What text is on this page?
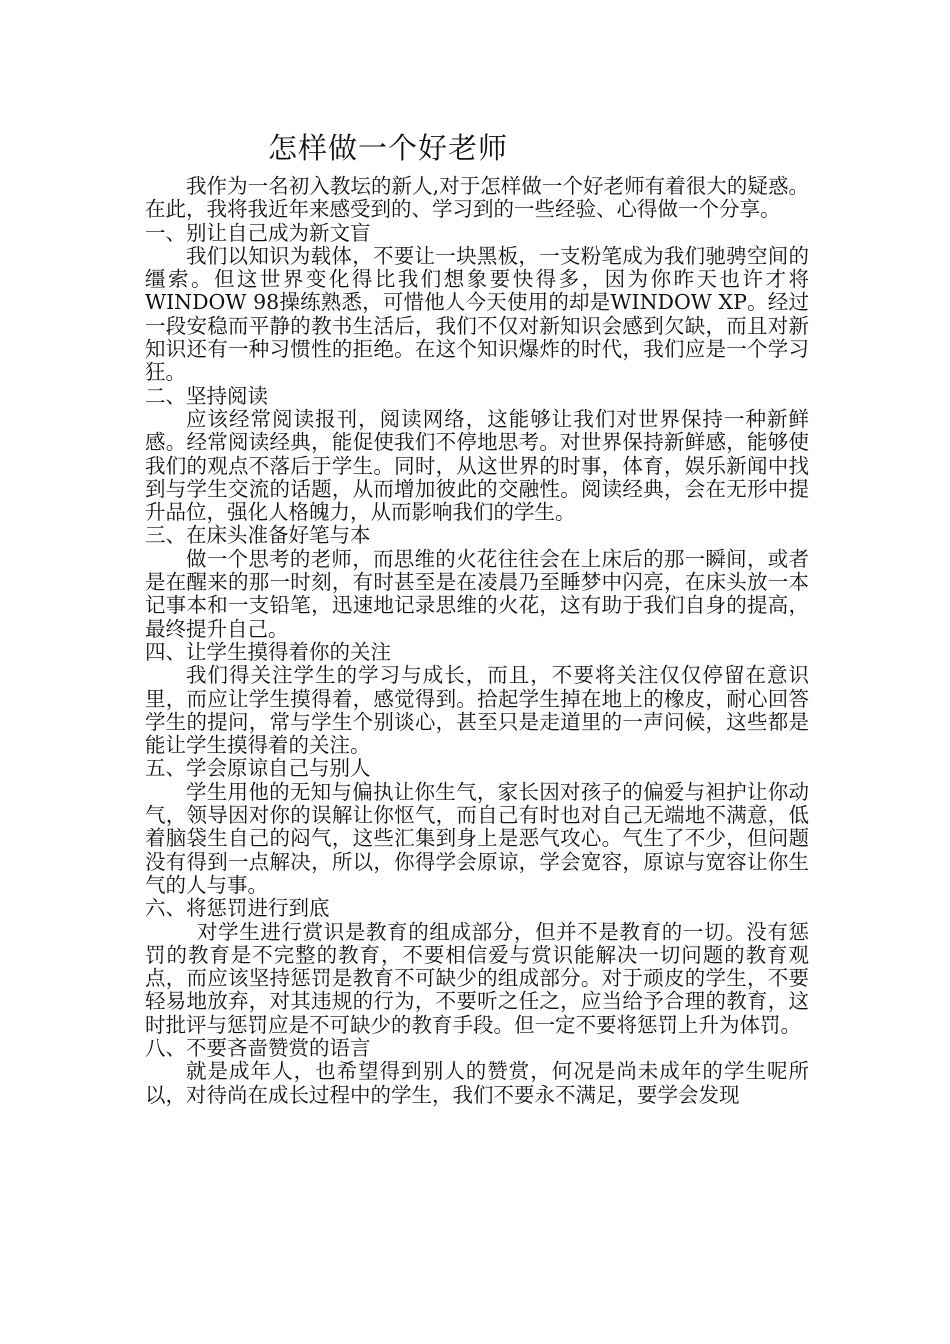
怎样做一个好老师

我作为一名初入教坛的新人,对于怎样做一个好老师有着很大的疑惑。在此，我将我近年来感受到的、学习到的一些经验、心得做一个分享。

一、别让自己成为新文盲

我们以知识为载体，不要让一块黑板，一支粉笔成为我们驰骋空间的缰索。但这世界变化得比我们想象要快得多，因为你昨天也许才将WINDOW 98操练熟悉，可惜他人今天使用的却是WINDOW XP。经过一段安稳而平静的教书生活后，我们不仅对新知识会感到欠缺，而且对新知识还有一种习惯性的拒绝。在这个知识爆炸的时代，我们应是一个学习狂。

二、坚持阅读

应该经常阅读报刊，阅读网络，这能够让我们对世界保持一种新鲜感。经常阅读经典，能促使我们不停地思考。对世界保持新鲜感，能够使我们的观点不落后于学生。同时，从这世界的时事，体育，娱乐新闻中找到与学生交流的话题，从而增加彼此的交融性。阅读经典，会在无形中提升品位，强化人格魄力，从而影响我们的学生。

三、在床头准备好笔与本

做一个思考的老师，而思维的火花往往会在上床后的那一瞬间，或者是在醒来的那一时刻，有时甚至是在凌晨乃至睡梦中闪亮，在床头放一本记事本和一支铅笔，迅速地记录思维的火花，这有助于我们自身的提高，最终提升自己。

四、让学生摸得着你的关注

我们得关注学生的学习与成长，而且，不要将关注仅仅停留在意识里，而应让学生摸得着，感觉得到。拾起学生掉在地上的橡皮，耐心回答学生的提问，常与学生个别谈心，甚至只是走道里的一声问候，这些都是能让学生摸得着的关注。

五、学会原谅自己与别人

学生用他的无知与偏执让你生气，家长因对孩子的偏爱与袒护让你动气，领导因对你的误解让你怄气，而自己有时也对自己无端地不满意，低着脑袋生自己的闷气，这些汇集到身上是恶气攻心。气生了不少，但问题没有得到一点解决，所以，你得学会原谅，学会宽容，原谅与宽容让你生气的人与事。

六、将惩罚进行到底

对学生进行赏识是教育的组成部分，但并不是教育的一切。没有惩罚的教育是不完整的教育，不要相信爱与赏识能解决一切问题的教育观点，而应该坚持惩罚是教育不可缺少的组成部分。对于顽皮的学生，不要轻易地放弃，对其违规的行为，不要听之任之，应当给予合理的教育，这时批评与惩罚应是不可缺少的教育手段。但一定不要将惩罚上升为体罚。

八、不要吝啬赞赏的语言

就是成年人，也希望得到别人的赞赏，何况是尚未成年的学生呢所以，对待尚在成长过程中的学生，我们不要永不满足，要学会发现
